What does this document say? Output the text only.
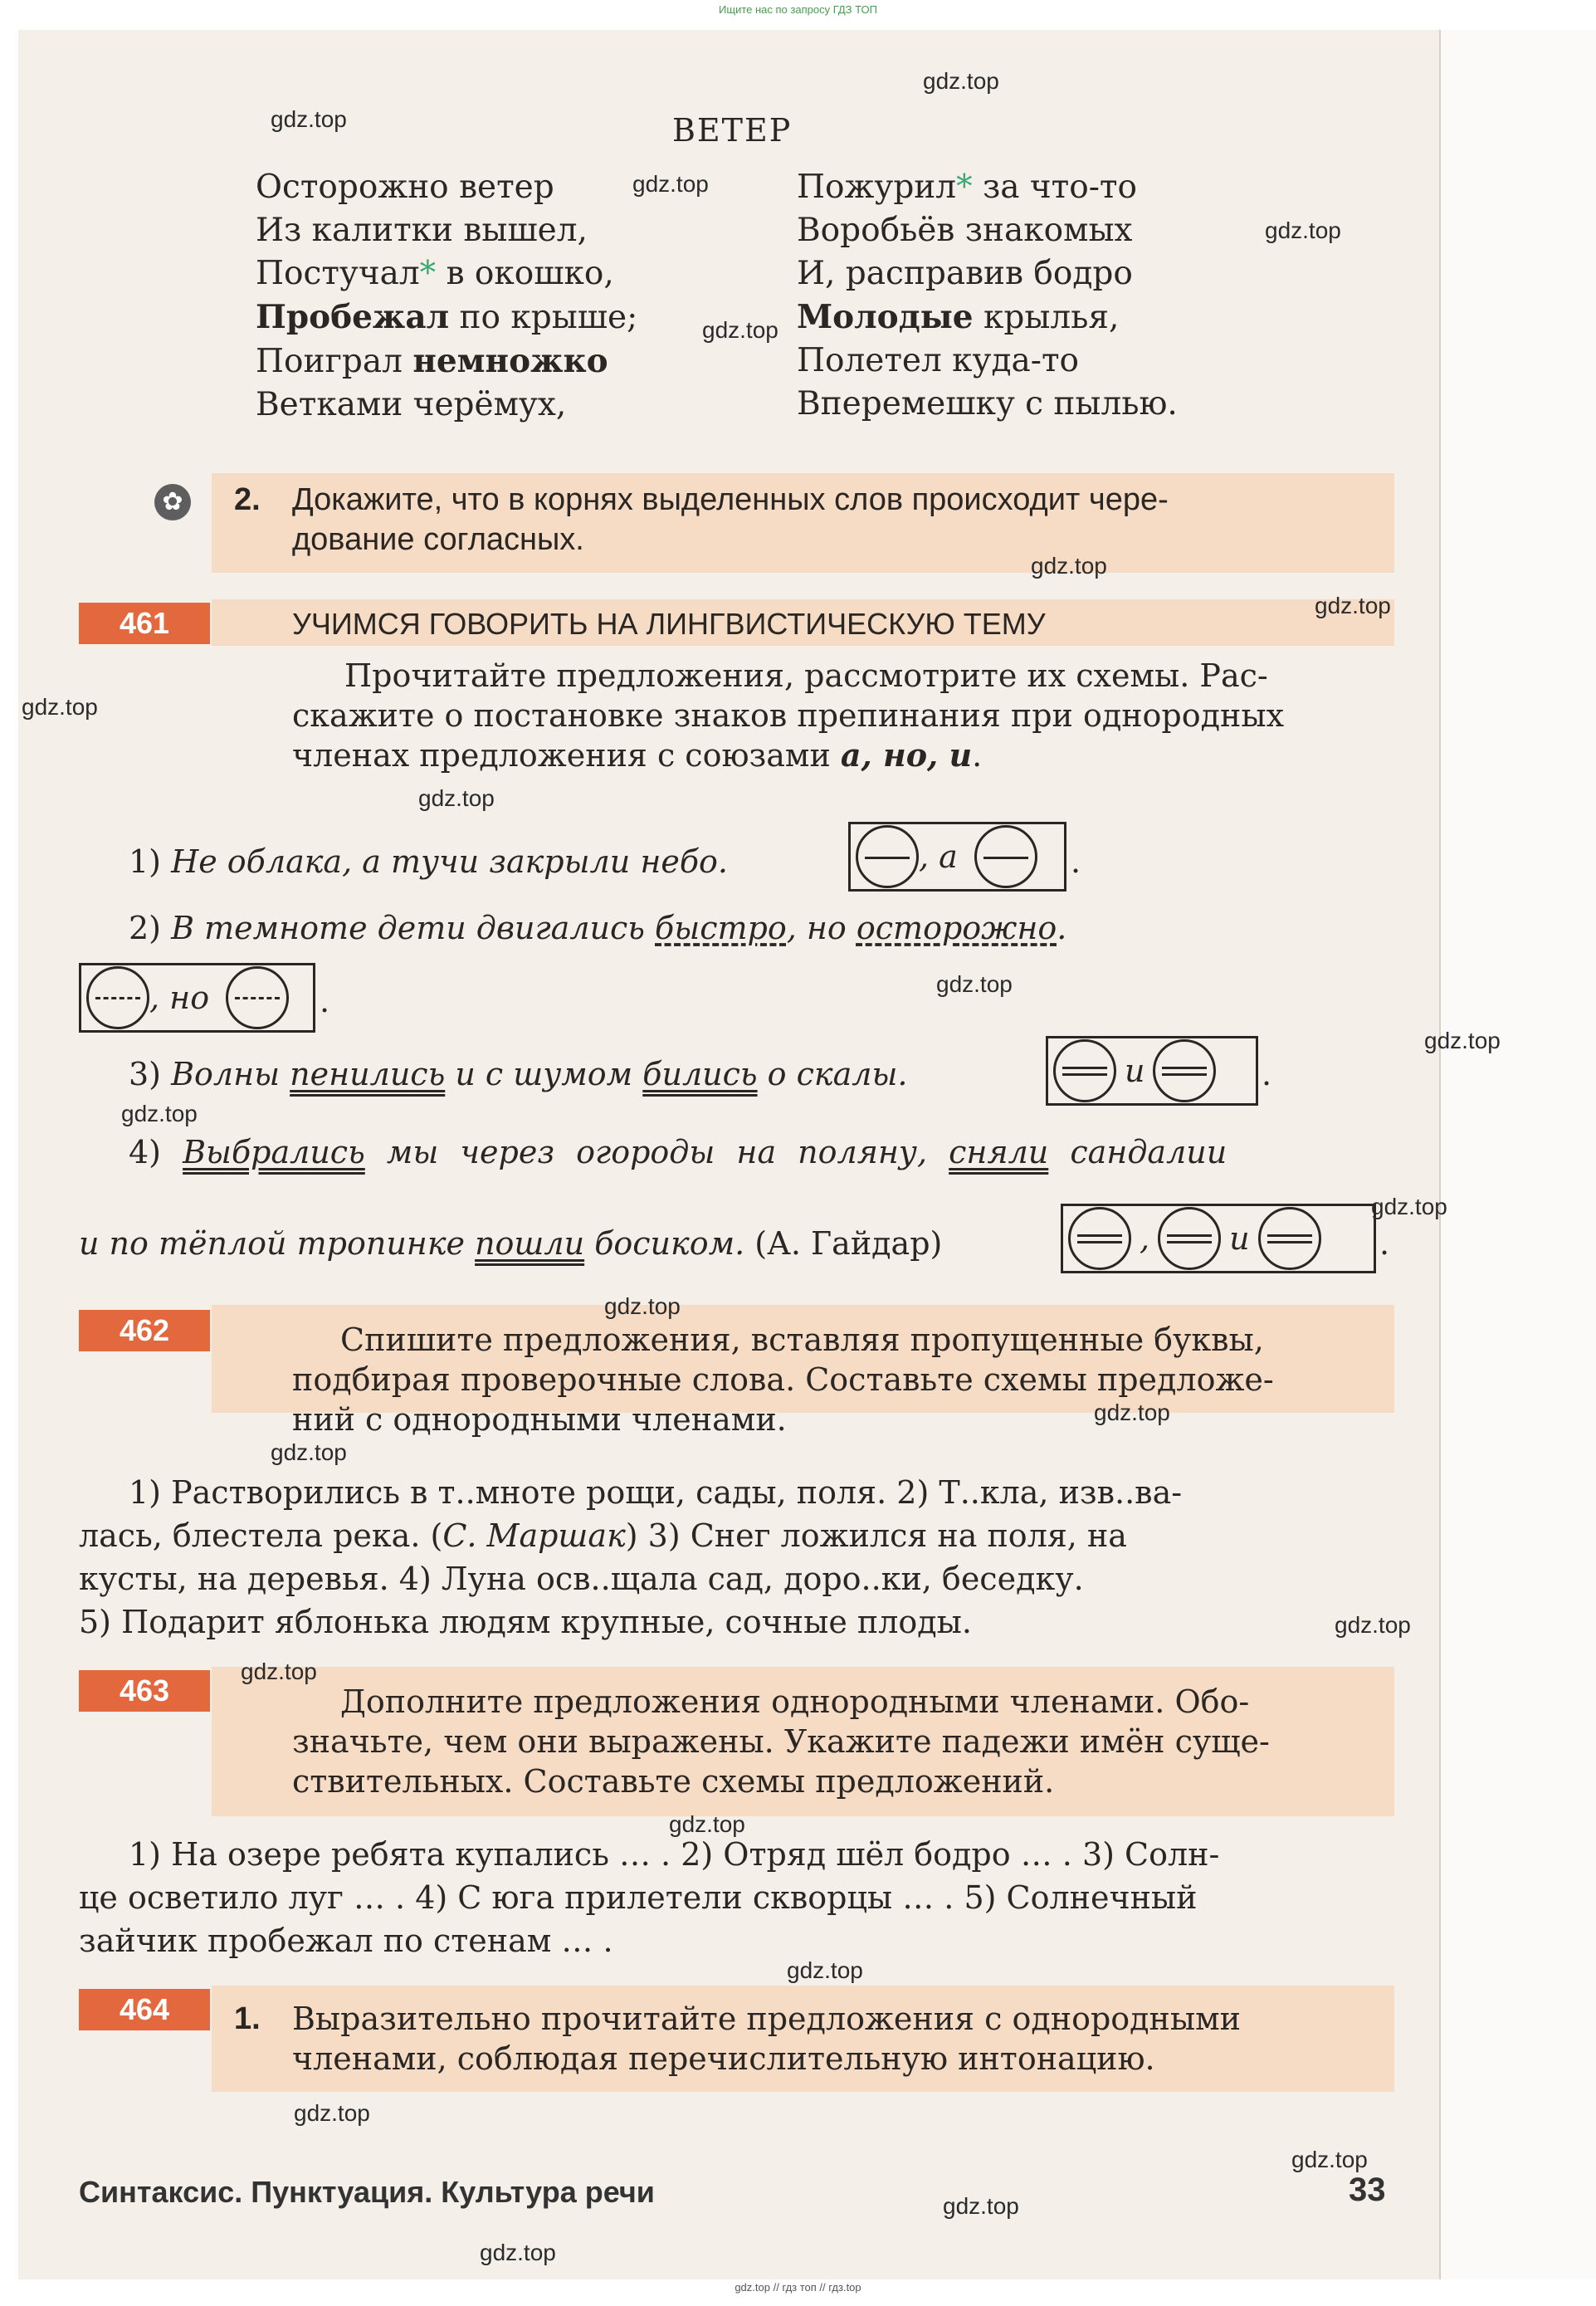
Ищите нас по запросу ГДЗ ТОП
ВЕТЕР
Осторожно ветер
Из калитки вышел,
Постучал* в окошко,
Пробежал по крыше;
Поиграл немножко
Ветками черёмух,
Пожурил* за что-то
Воробьёв знакомых
И, расправив бодро
Молодые крылья,
Полетел куда-то
Вперемешку с пылью.
✿ 2. Докажите, что в корнях выделенных слов происходит чере-
дование согласных.
461	УЧИМСЯ ГОВОРИТЬ НА ЛИНГВИСТИЧЕСКУЮ ТЕМУ
Прочитайте предложения, рассмотрите их схемы. Рас-
скажите о постановке знаков препинания при однородных
членах предложения с союзами а, но, и.
1) Не облака, а тучи закрыли небо.	, а	.
2) В темноте дети двигались быстро, но осторожно.
, но	.
3) Волны пенились и с шумом бились о скалы.	и	.
4) Выбрались мы через огороды на поляну, сняли сандалии
и по тёплой тропинке пошли босиком. (А. Гайдар)	,	и	.
462	Спишите предложения, вставляя пропущенные буквы,
подбирая проверочные слова. Составьте схемы предложе-
ний с однородными членами.
1) Растворились в т..мноте рощи, сады, поля. 2) Т..кла, изв..ва-
лась, блестела река. (С. Маршак) 3) Снег ложился на поля, на
кусты, на деревья. 4) Луна осв..щала сад, доро..ки, беседку.
5) Подарит яблонька людям крупные, сочные плоды.
463	Дополните предложения однородными членами. Обо-
значьте, чем они выражены. Укажите падежи имён суще-
ствительных. Составьте схемы предложений.
1) На озере ребята купались … . 2) Отряд шёл бодро … . 3) Солн-
це осветило луг … . 4) С юга прилетели скворцы … . 5) Солнечный
зайчик пробежал по стенам … .
464	1. Выразительно прочитайте предложения с однородными
членами, соблюдая перечислительную интонацию.
Синтаксис. Пунктуация. Культура речи	33
gdz.top
gdz.top
gdz.top
gdz.top
gdz.top
gdz.top
gdz.top
gdz.top
gdz.top
gdz.top
gdz.top
gdz.top
gdz.top
gdz.top
gdz.top
gdz.top
gdz.top
gdz.top
gdz.top
gdz.top
gdz.top
gdz.top
gdz.top
gdz.top
gdz.top // гдз топ // гдз.top
